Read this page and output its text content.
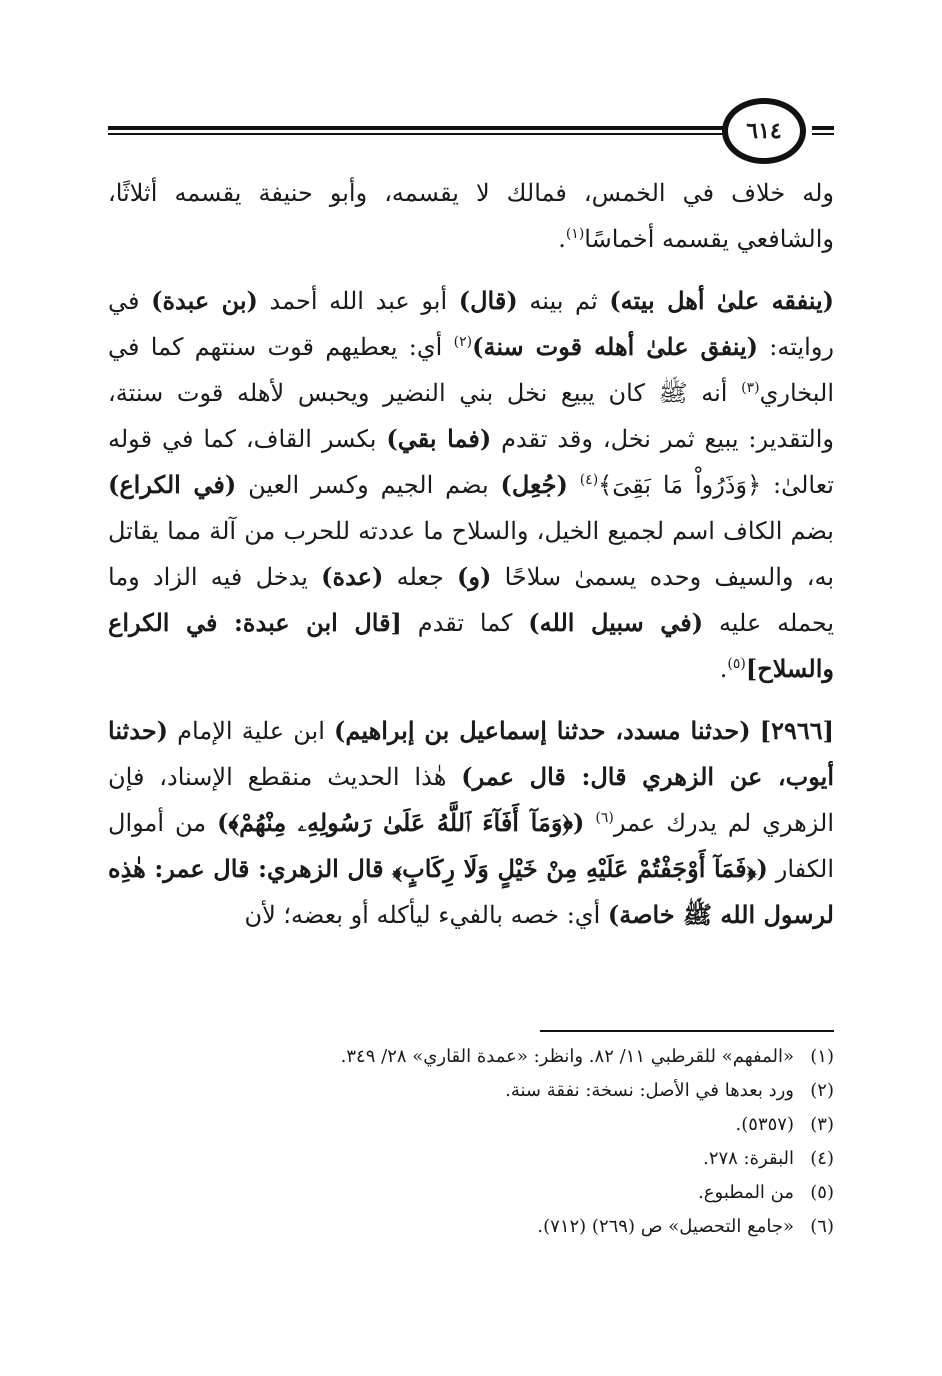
٦١٤

وله خلاف في الخمس، فمالك لا يقسمه، وأبو حنيفة يقسمه أثلاثًا، والشافعي يقسمه أخماسًا$^{(١)}$.

(ينفقه علىٰ أهل بيته) ثم بينه (قال) أبو عبد الله أحمد (بن عبدة) في روايته: (ينفق علىٰ أهله قوت سنة)$^{(٢)}$ أي: يعطيهم قوت سنتهم كما في البخاري$^{(٣)}$ أنه ﷺ كان يبيع نخل بني النضير ويحبس لأهله قوت سنتة، والتقدير: يبيع ثمر نخل، وقد تقدم (فما بقي) بكسر القاف، كما في قوله تعالىٰ: ﴿وَذَرُواْ مَا بَقِىَ﴾$^{(٤)}$ (جُعِل) بضم الجيم وكسر العين (في الكراع) بضم الكاف اسم لجميع الخيل، والسلاح ما عددته للحرب من آلة مما يقاتل به، والسيف وحده يسمىٰ سلاحًا (و) جعله (عدة) يدخل فيه الزاد وما يحمله عليه (في سبيل الله) كما تقدم [قال ابن عبدة: في الكراع والسلاح]$^{(٥)}$.

[٢٩٦٦] (حدثنا مسدد، حدثنا إسماعيل بن إبراهيم) ابن علية الإمام (حدثنا أيوب، عن الزهري قال: قال عمر) هٰذا الحديث منقطع الإسناد، فإن الزهري لم يدرك عمر$^{(٦)}$ (﴿وَمَآ أَفَآءَ ٱللَّهُ عَلَىٰ رَسُولِهِۦ مِنْهُمْ﴾) من أموال الكفار (﴿فَمَآ أَوْجَفْتُمْ عَلَيْهِ مِنْ خَيْلٍ وَلَا رِكَابٍ﴾ قال الزهري: قال عمر: هٰذِه لرسول الله ﷺ خاصة) أي: خصه بالفيء ليأكله أو بعضه؛ لأن

(١)«المفهم» للقرطبي ١١/ ٨٢. وانظر: «عمدة القاري» ٢٨/ ٣٤٩.
(٢)ورد بعدها في الأصل: نسخة: نفقة سنة.
(٣)(٥٣٥٧).
(٤)البقرة: ٢٧٨.
(٥)من المطبوع.
(٦)«جامع التحصيل» ص (٢٦٩) (٧١٢).
